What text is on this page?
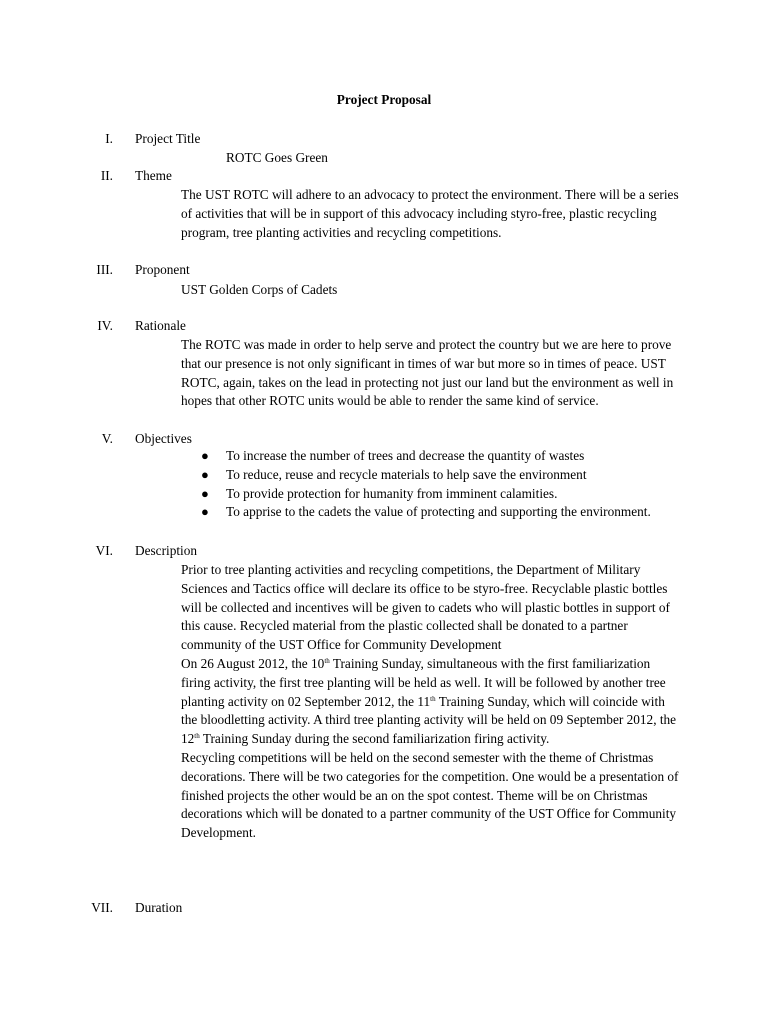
Project Proposal
I. Project Title
ROTC Goes Green
II. Theme
The UST ROTC will adhere to an advocacy to protect the environment. There will be a series of activities that will be in support of this advocacy including styro-free, plastic recycling program, tree planting activities and recycling competitions.
III. Proponent
UST Golden Corps of Cadets
IV. Rationale
The ROTC was made in order to help serve and protect the country but we are here to prove that our presence is not only significant in times of war but more so in times of peace. UST ROTC, again, takes on the lead in protecting not just our land but the environment as well in hopes that other ROTC units would be able to render the same kind of service.
V. Objectives
● To increase the number of trees and decrease the quantity of wastes
● To reduce, reuse and recycle materials to help save the environment
● To provide protection for humanity from imminent calamities.
● To apprise to the cadets the value of protecting and supporting the environment.
VI. Description

Prior to tree planting activities and recycling competitions, the Department of Military Sciences and Tactics office will declare its office to be styro-free. Recyclable plastic bottles will be collected and incentives will be given to cadets who will plastic bottles in support of this cause. Recycled material from the plastic collected shall be donated to a partner community of the UST Office for Community Development

On 26 August 2012, the 10th Training Sunday, simultaneous with the first familiarization firing activity, the first tree planting will be held as well. It will be followed by another tree planting activity on 02 September 2012, the 11th Training Sunday, which will coincide with the bloodletting activity. A third tree planting activity will be held on 09 September 2012, the 12th Training Sunday during the second familiarization firing activity.

Recycling competitions will be held on the second semester with the theme of Christmas decorations. There will be two categories for the competition. One would be a presentation of finished projects the other would be an on the spot contest. Theme will be on Christmas decorations which will be donated to a partner community of the UST Office for Community Development.

VII. Duration
